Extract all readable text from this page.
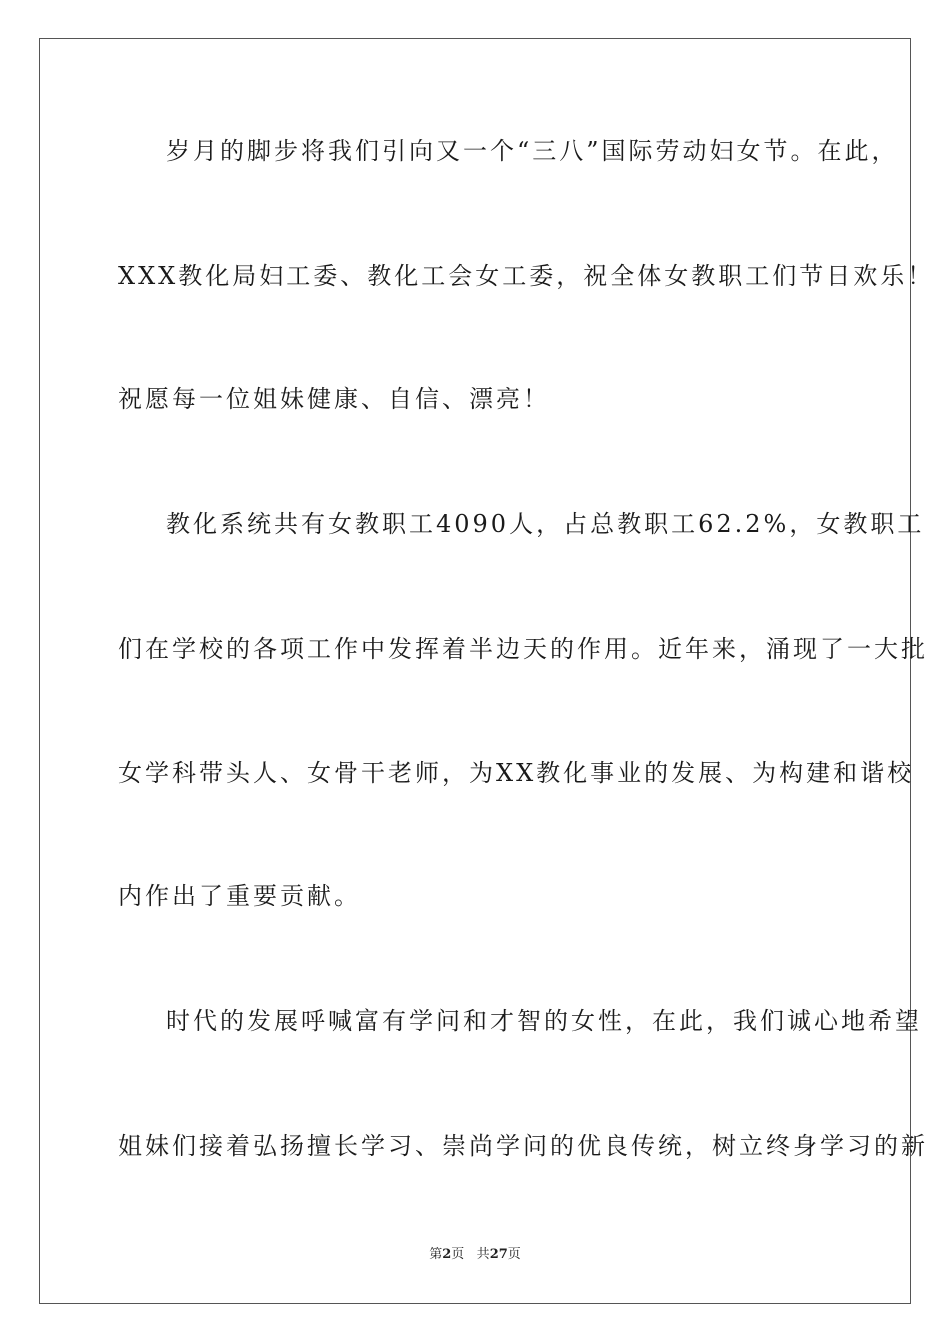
岁月的脚步将我们引向又一个“三八”国际劳动妇女节。在此，
XXX教化局妇工委、教化工会女工委，祝全体女教职工们节日欢乐！
祝愿每一位姐妹健康、自信、漂亮！
教化系统共有女教职工4090人，占总教职工62.2%，女教职工
们在学校的各项工作中发挥着半边天的作用。近年来，涌现了一大批
女学科带头人、女骨干老师，为XX教化事业的发展、为构建和谐校
内作出了重要贡献。
时代的发展呼喊富有学问和才智的女性，在此，我们诚心地希望
姐妹们接着弘扬擅长学习、崇尚学问的优良传统，树立终身学习的新
第2页 共27页
